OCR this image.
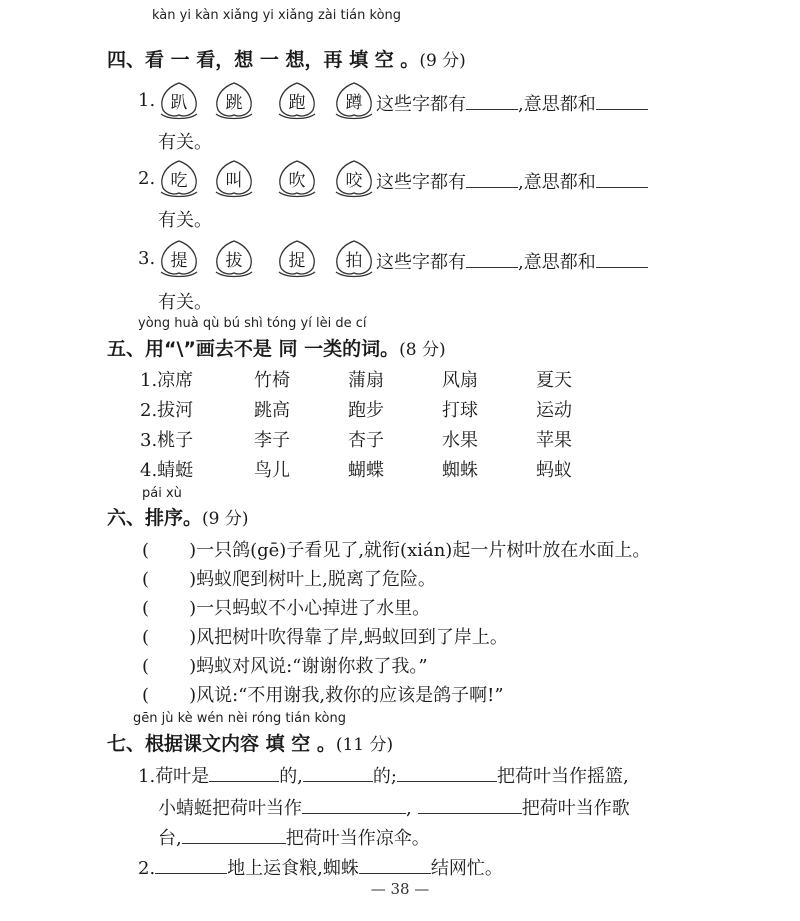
kàn yi kàn xiǎng yi xiǎng zài tián kòng
四、看 一 看，想 一 想，再 填 空 。(9 分)
1. 趴	跳	跑	蹲 这些字都有	,意思都和
有关。
2. 吃	叫	吹	咬 这些字都有	,意思都和
有关。
3. 提	拔	捉	拍 这些字都有	,意思都和
有关。
yòng huà qù bú shì tóng yí lèi de cí
五、用“\”画去不是 同 一类的词。(8 分)
1.凉席	竹椅	蒲扇	风扇	夏天
2.拔河	跳高	跑步	打球	运动
3.桃子	李子	杏子	水果	苹果
4.蜻蜓	鸟儿	蝴蝶	蜘蛛	蚂蚁
pái xù
六、排序。(9 分)
(       )一只鸽(gē)子看见了,就衔(xián)起一片树叶放在水面上。
(       )蚂蚁爬到树叶上,脱离了危险。
(       )一只蚂蚁不小心掉进了水里。
(       )风把树叶吹得靠了岸,蚂蚁回到了岸上。
(       )蚂蚁对风说:“谢谢你救了我。”
(       )风说:“不用谢我,救你的应该是鸽子啊!”
gēn jù kè wén nèi róng tián kòng
七、根据课文内容 填 空 。(11 分)
1.荷叶是	的,	的;	把荷叶当作摇篮,
小蜻蜓把荷叶当作	,	把荷叶当作歌
台,	把荷叶当作凉伞。
2.	地上运食粮,蜘蛛	结网忙。
— 38 —
